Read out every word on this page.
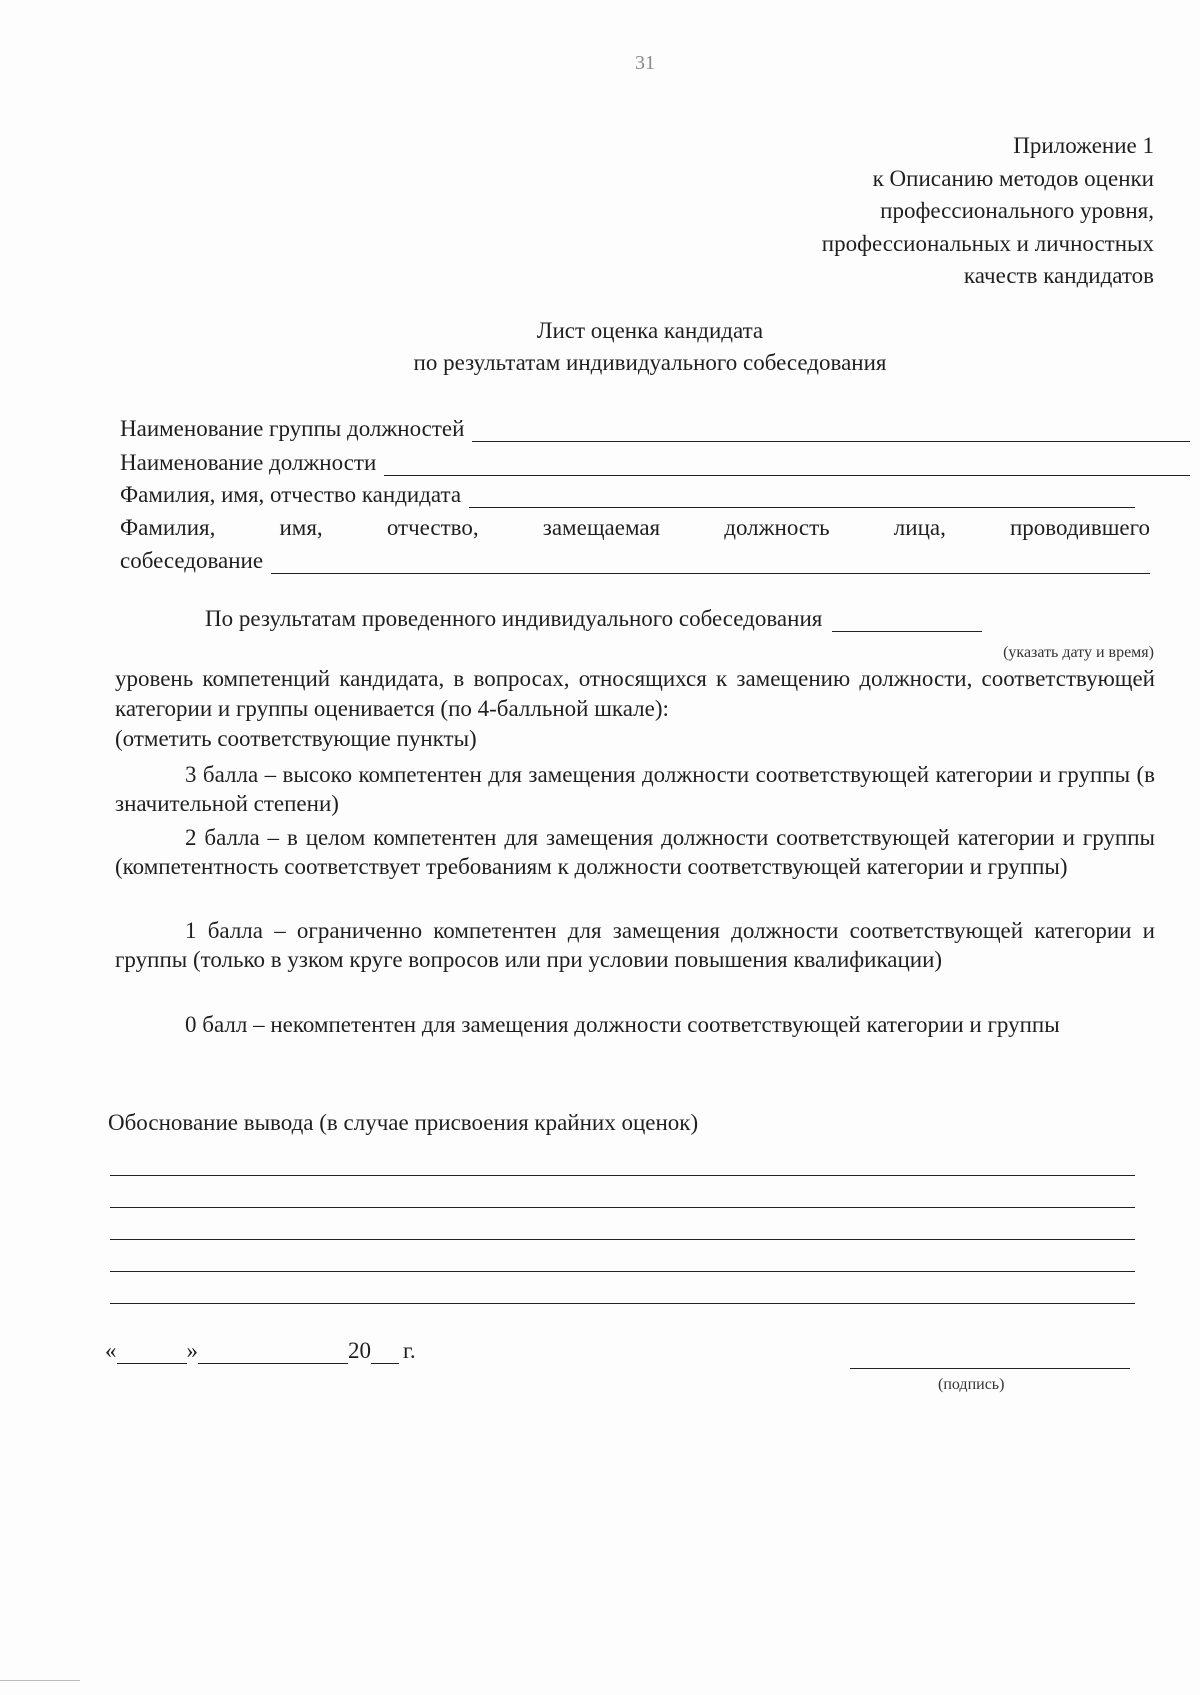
31
Приложение 1
к Описанию методов оценки
профессионального уровня,
профессиональных и личностных
качеств кандидатов
Лист оценка кандидата
по результатам индивидуального собеседования
Наименование группы должностей
Наименование должности
Фамилия, имя, отчество кандидата
Фамилия, имя, отчество, замещаемая должность лица, проводившего
собеседование
По результатам проведенного индивидуального собеседования
(указать дату и время)
уровень компетенций кандидата, в вопросах, относящихся к замещению должности, соответствующей категории и группы оценивается (по 4-балльной шкале):
(отметить соответствующие пункты)
3 балла – высоко компетентен для замещения должности соответствующей категории и группы (в значительной степени)
2 балла – в целом компетентен для замещения должности соответствующей категории и группы (компетентность соответствует требованиям к должности соответствующей категории и группы)
1 балла – ограниченно компетентен для замещения должности соответствующей категории и группы (только в узком круге вопросов или при условии повышения квалификации)
0 балл – некомпетентен для замещения должности соответствующей категории и группы
Обоснование вывода (в случае присвоения крайних оценок)
«	»	20 г.
(подпись)
